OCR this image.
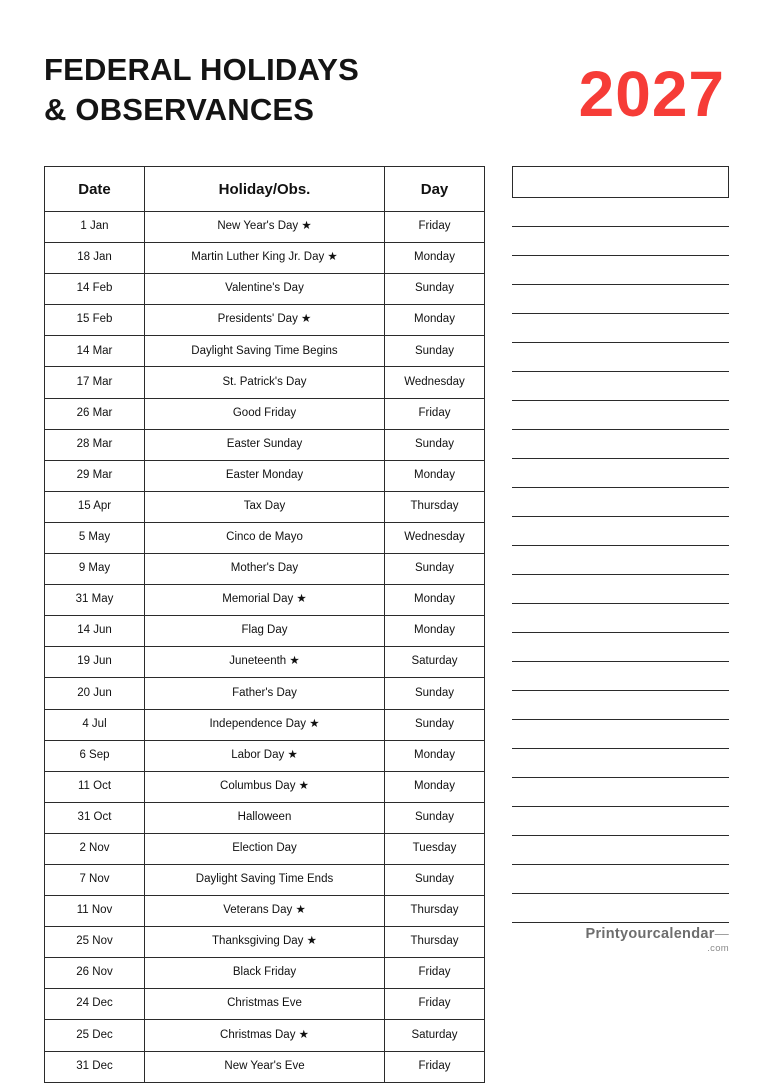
FEDERAL HOLIDAYS
& OBSERVANCES	2027
Date	Holiday/Obs.	Day
1 Jan	New Year's Day ★	Friday
18 Jan	Martin Luther King Jr. Day ★	Monday
14 Feb	Valentine's Day	Sunday
15 Feb	Presidents' Day ★	Monday
14 Mar	Daylight Saving Time Begins	Sunday
17 Mar	St. Patrick's Day	Wednesday
26 Mar	Good Friday	Friday
28 Mar	Easter Sunday	Sunday
29 Mar	Easter Monday	Monday
15 Apr	Tax Day	Thursday
5 May	Cinco de Mayo	Wednesday
9 May	Mother's Day	Sunday
31 May	Memorial Day ★	Monday
14 Jun	Flag Day	Monday
19 Jun	Juneteenth ★	Saturday
20 Jun	Father's Day	Sunday
4 Jul	Independence Day ★	Sunday
6 Sep	Labor Day ★	Monday
11 Oct	Columbus Day ★	Monday
31 Oct	Halloween	Sunday
2 Nov	Election Day	Tuesday
7 Nov	Daylight Saving Time Ends	Sunday
11 Nov	Veterans Day ★	Thursday
25 Nov	Thanksgiving Day ★	Thursday
26 Nov	Black Friday	Friday
24 Dec	Christmas Eve	Friday
25 Dec	Christmas Day ★	Saturday
31 Dec	New Year's Eve	Friday
Printyourcalendar—
.com
